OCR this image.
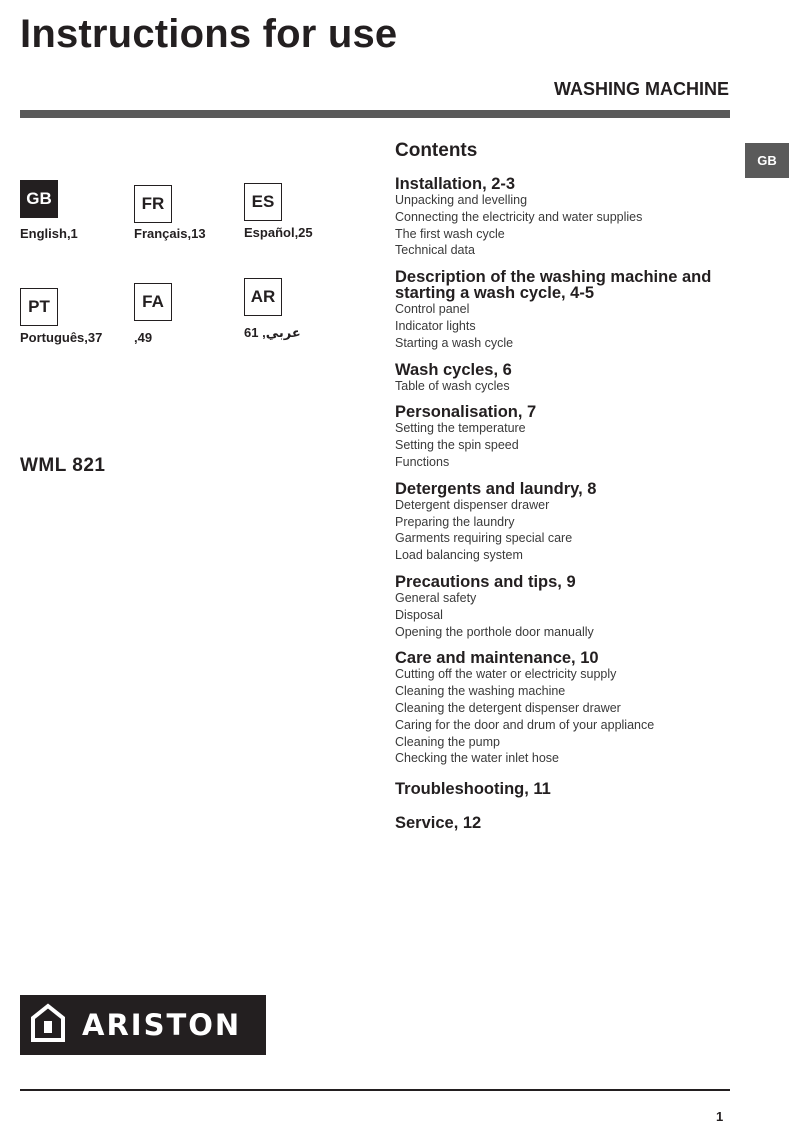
Instructions for use
WASHING MACHINE
GB
GB
English,1
FR
Français,13
ES
Español,25
PT
Português,37
FA
,49
AR
عربي, 61
WML 821
Contents
Installation, 2-3
Unpacking and levelling
Connecting the electricity and water supplies
The first wash cycle
Technical data
Description of the washing machine and starting a wash cycle, 4-5
Control panel
Indicator lights
Starting a wash cycle
Wash cycles, 6
Table of wash cycles
Personalisation, 7
Setting the temperature
Setting the spin speed
Functions
Detergents and laundry, 8
Detergent dispenser drawer
Preparing the laundry
Garments requiring special care
Load balancing system
Precautions and tips, 9
General safety
Disposal
Opening the porthole door manually
Care and maintenance, 10
Cutting off the water or electricity supply
Cleaning the washing machine
Cleaning the detergent dispenser drawer
Caring for the door and drum of your appliance
Cleaning the pump
Checking the water inlet hose
Troubleshooting, 11
Service, 12
ARISTON
1
